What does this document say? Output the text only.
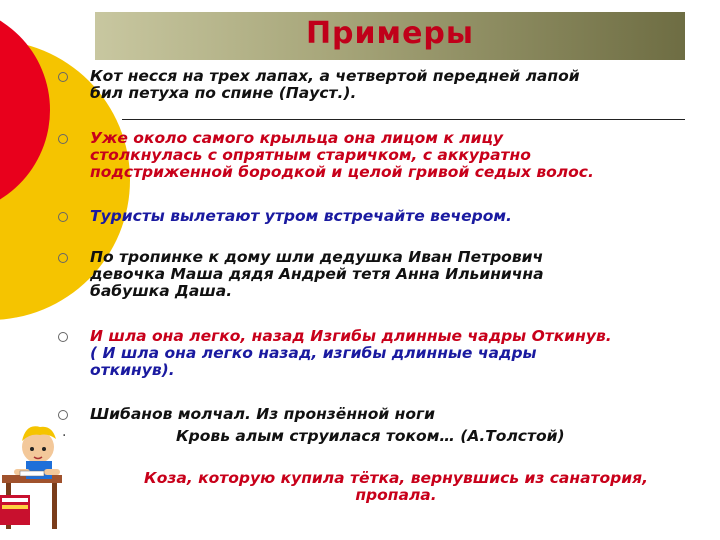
Примеры
Кот несся на трех лапах, а четвертой передней лапой
бил петуха по спине (Пауст.).
Уже около самого крыльца она лицом к лицу
столкнулась с опрятным старичком, с аккуратно
подстриженной бородкой и целой гривой седых волос.
Туристы вылетают утром встречайте вечером.
По тропинке к дому шли дедушка Иван Петрович
девочка Маша дядя Андрей тетя Анна Ильинична
бабушка Даша.
И шла она легко, назад Изгибы длинные чадры Откинув.
( И шла она легко назад, изгибы длинные чадры
откинув).
Шибанов молчал. Из пронзённой ноги
Кровь алым струилася током… (А.Толстой)
Коза, которую купила тётка, вернувшись из санатория,
пропала.
·
